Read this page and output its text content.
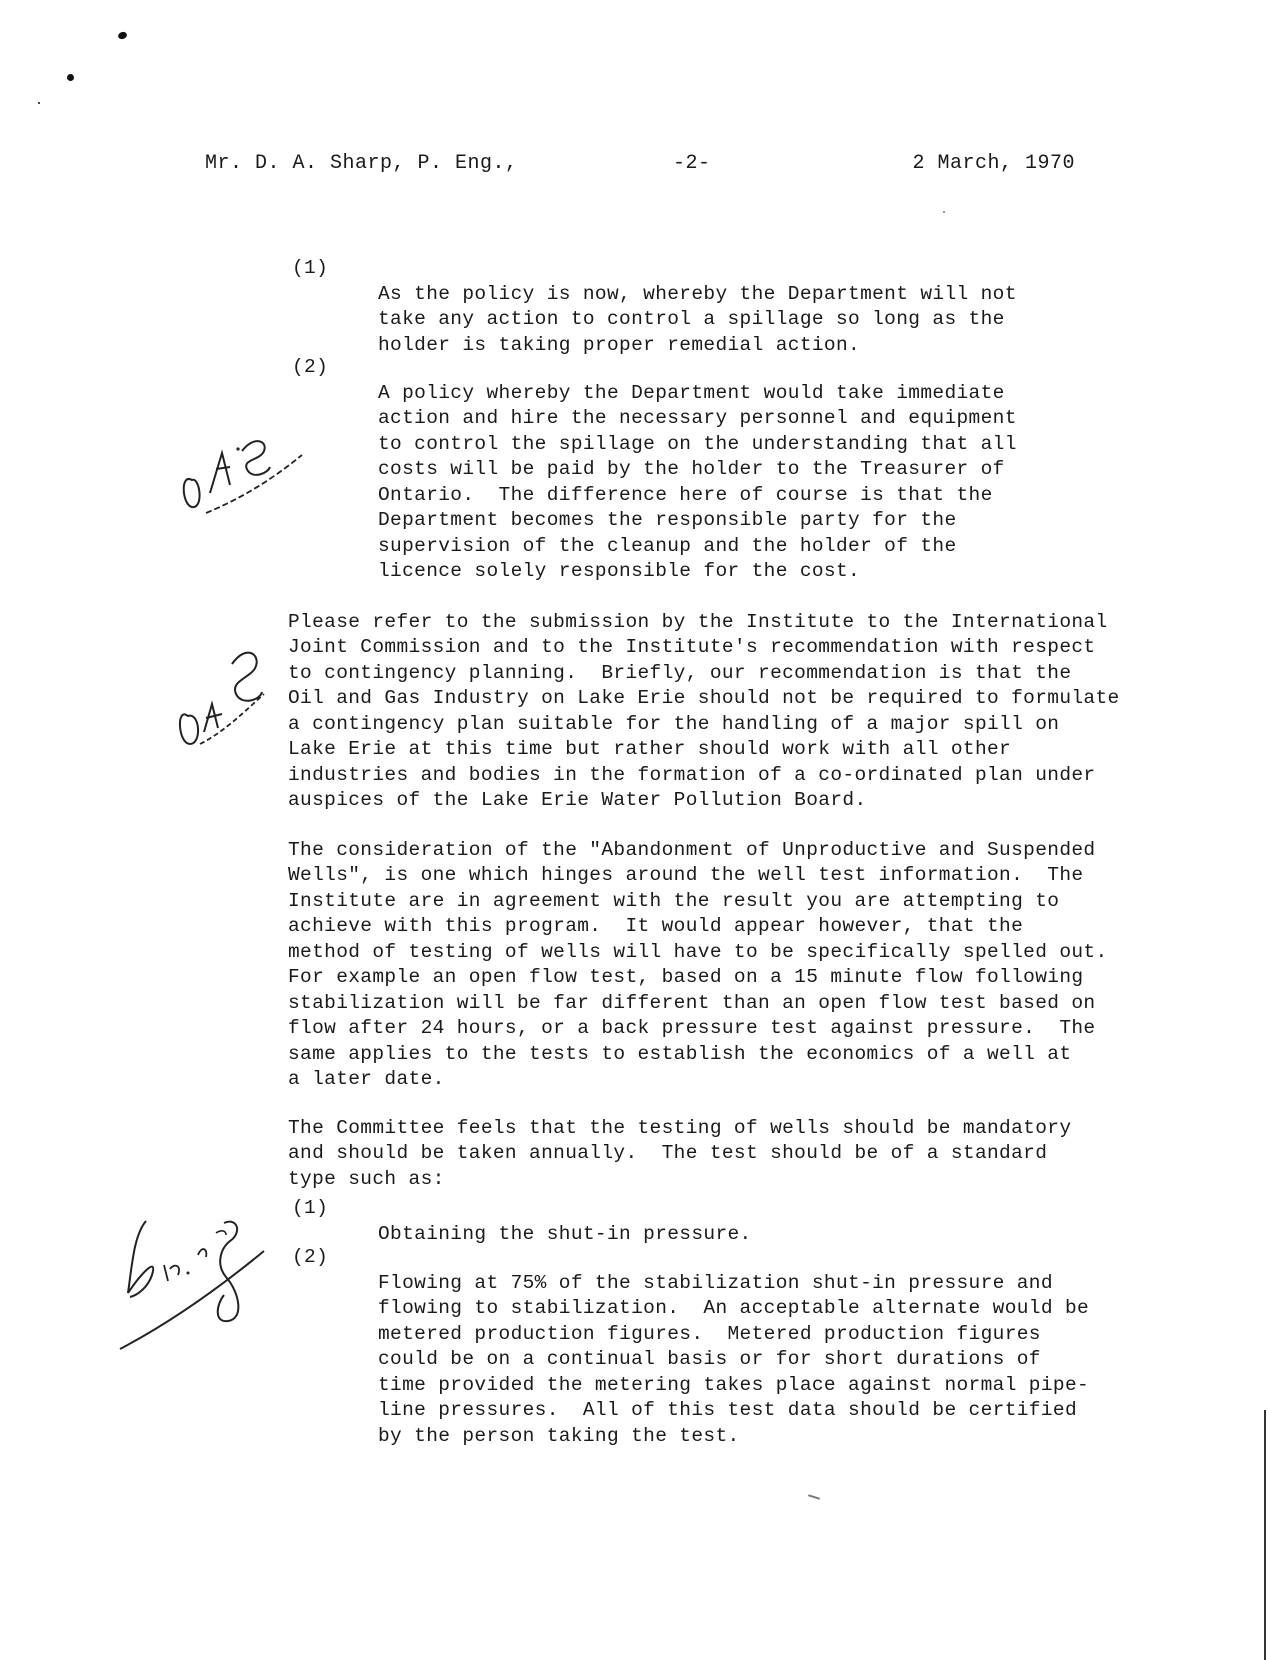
Mr. D. A. Sharp, P. Eng.,	-2-	2 March, 1970
(1)

As the policy is now, whereby the Department will not
take any action to control a spillage so long as the
holder is taking proper remedial action.

(2)

A policy whereby the Department would take immediate
action and hire the necessary personnel and equipment
to control the spillage on the understanding that all
costs will be paid by the holder to the Treasurer of
Ontario.  The difference here of course is that the
Department becomes the responsible party for the
supervision of the cleanup and the holder of the
licence solely responsible for the cost.

Please refer to the submission by the Institute to the International
Joint Commission and to the Institute's recommendation with respect
to contingency planning.  Briefly, our recommendation is that the
Oil and Gas Industry on Lake Erie should not be required to formulate
a contingency plan suitable for the handling of a major spill on
Lake Erie at this time but rather should work with all other
industries and bodies in the formation of a co-ordinated plan under
auspices of the Lake Erie Water Pollution Board.

The consideration of the "Abandonment of Unproductive and Suspended
Wells", is one which hinges around the well test information.  The
Institute are in agreement with the result you are attempting to
achieve with this program.  It would appear however, that the
method of testing of wells will have to be specifically spelled out.
For example an open flow test, based on a 15 minute flow following
stabilization will be far different than an open flow test based on
flow after 24 hours, or a back pressure test against pressure.  The
same applies to the tests to establish the economics of a well at
a later date.

The Committee feels that the testing of wells should be mandatory
and should be taken annually.  The test should be of a standard
type such as:

(1)

Obtaining the shut-in pressure.

(2)

Flowing at 75% of the stabilization shut-in pressure and
flowing to stabilization.  An acceptable alternate would be
metered production figures.  Metered production figures
could be on a continual basis or for short durations of
time provided the metering takes place against normal pipe-
line pressures.  All of this test data should be certified
by the person taking the test.
